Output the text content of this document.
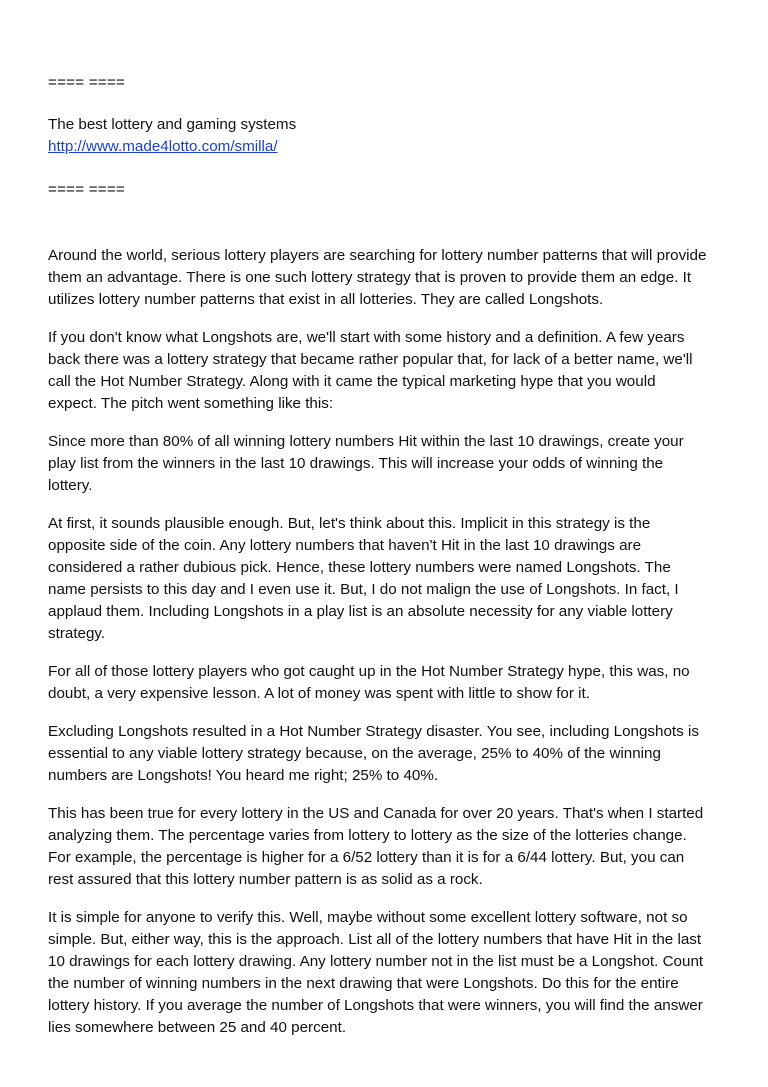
==== ====

The best lottery and gaming systems

http://www.made4lotto.com/smilla/

==== ====

Around the world, serious lottery players are searching for lottery number patterns that will provide
them an advantage. There is one such lottery strategy that is proven to provide them an edge. It
utilizes lottery number patterns that exist in all lotteries. They are called Longshots.

If you don't know what Longshots are, we'll start with some history and a definition. A few years
back there was a lottery strategy that became rather popular that, for lack of a better name, we'll
call the Hot Number Strategy. Along with it came the typical marketing hype that you would
expect. The pitch went something like this:

Since more than 80% of all winning lottery numbers Hit within the last 10 drawings, create your
play list from the winners in the last 10 drawings. This will increase your odds of winning the
lottery.

At first, it sounds plausible enough. But, let's think about this. Implicit in this strategy is the
opposite side of the coin. Any lottery numbers that haven't Hit in the last 10 drawings are
considered a rather dubious pick. Hence, these lottery numbers were named Longshots. The
name persists to this day and I even use it. But, I do not malign the use of Longshots. In fact, I
applaud them. Including Longshots in a play list is an absolute necessity for any viable lottery
strategy.

For all of those lottery players who got caught up in the Hot Number Strategy hype, this was, no
doubt, a very expensive lesson. A lot of money was spent with little to show for it.

Excluding Longshots resulted in a Hot Number Strategy disaster. You see, including Longshots is
essential to any viable lottery strategy because, on the average, 25% to 40% of the winning
numbers are Longshots! You heard me right; 25% to 40%.

This has been true for every lottery in the US and Canada for over 20 years. That's when I started
analyzing them. The percentage varies from lottery to lottery as the size of the lotteries change.
For example, the percentage is higher for a 6/52 lottery than it is for a 6/44 lottery. But, you can
rest assured that this lottery number pattern is as solid as a rock.

It is simple for anyone to verify this. Well, maybe without some excellent lottery software, not so
simple. But, either way, this is the approach. List all of the lottery numbers that have Hit in the last
10 drawings for each lottery drawing. Any lottery number not in the list must be a Longshot. Count
the number of winning numbers in the next drawing that were Longshots. Do this for the entire
lottery history. If you average the number of Longshots that were winners, you will find the answer
lies somewhere between 25 and 40 percent.
